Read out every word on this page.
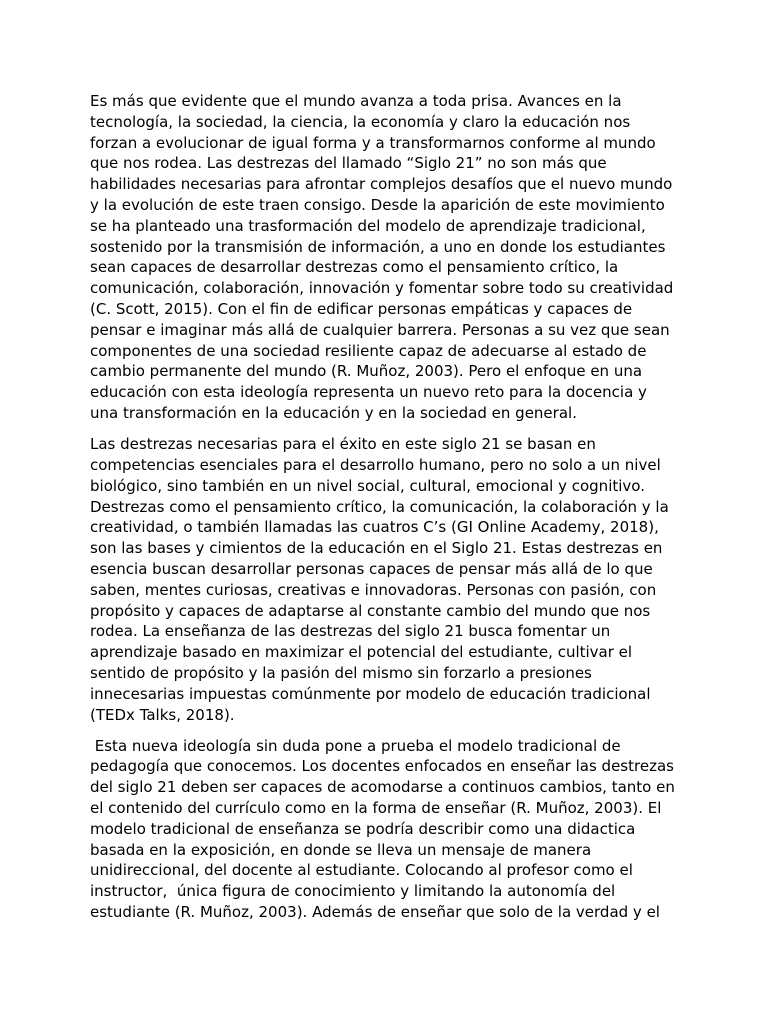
Es más que evidente que el mundo avanza a toda prisa. Avances en la
tecnología, la sociedad, la ciencia, la economía y claro la educación nos
forzan a evolucionar de igual forma y a transformarnos conforme al mundo
que nos rodea. Las destrezas del llamado “Siglo 21” no son más que
habilidades necesarias para afrontar complejos desafíos que el nuevo mundo
y la evolución de este traen consigo. Desde la aparición de este movimiento
se ha planteado una trasformación del modelo de aprendizaje tradicional,
sostenido por la transmisión de información, a uno en donde los estudiantes
sean capaces de desarrollar destrezas como el pensamiento crítico, la
comunicación, colaboración, innovación y fomentar sobre todo su creatividad
(C. Scott, 2015). Con el fin de edificar personas empáticas y capaces de
pensar e imaginar más allá de cualquier barrera. Personas a su vez que sean
componentes de una sociedad resiliente capaz de adecuarse al estado de
cambio permanente del mundo (R. Muñoz, 2003). Pero el enfoque en una
educación con esta ideología representa un nuevo reto para la docencia y
una transformación en la educación y en la sociedad en general.
Las destrezas necesarias para el éxito en este siglo 21 se basan en
competencias esenciales para el desarrollo humano, pero no solo a un nivel
biológico, sino también en un nivel social, cultural, emocional y cognitivo.
Destrezas como el pensamiento crítico, la comunicación, la colaboración y la
creatividad, o también llamadas las cuatros C’s (GI Online Academy, 2018),
son las bases y cimientos de la educación en el Siglo 21. Estas destrezas en
esencia buscan desarrollar personas capaces de pensar más allá de lo que
saben, mentes curiosas, creativas e innovadoras. Personas con pasión, con
propósito y capaces de adaptarse al constante cambio del mundo que nos
rodea. La enseñanza de las destrezas del siglo 21 busca fomentar un
aprendizaje basado en maximizar el potencial del estudiante, cultivar el
sentido de propósito y la pasión del mismo sin forzarlo a presiones
innecesarias impuestas comúnmente por modelo de educación tradicional
(TEDx Talks, 2018).
Esta nueva ideología sin duda pone a prueba el modelo tradicional de
pedagogía que conocemos. Los docentes enfocados en enseñar las destrezas
del siglo 21 deben ser capaces de acomodarse a continuos cambios, tanto en
el contenido del currículo como en la forma de enseñar (R. Muñoz, 2003). El
modelo tradicional de enseñanza se podría describir como una didactica
basada en la exposición, en donde se lleva un mensaje de manera
unidireccional, del docente al estudiante. Colocando al profesor como el
instructor,  única figura de conocimiento y limitando la autonomía del
estudiante (R. Muñoz, 2003). Además de enseñar que solo de la verdad y el
